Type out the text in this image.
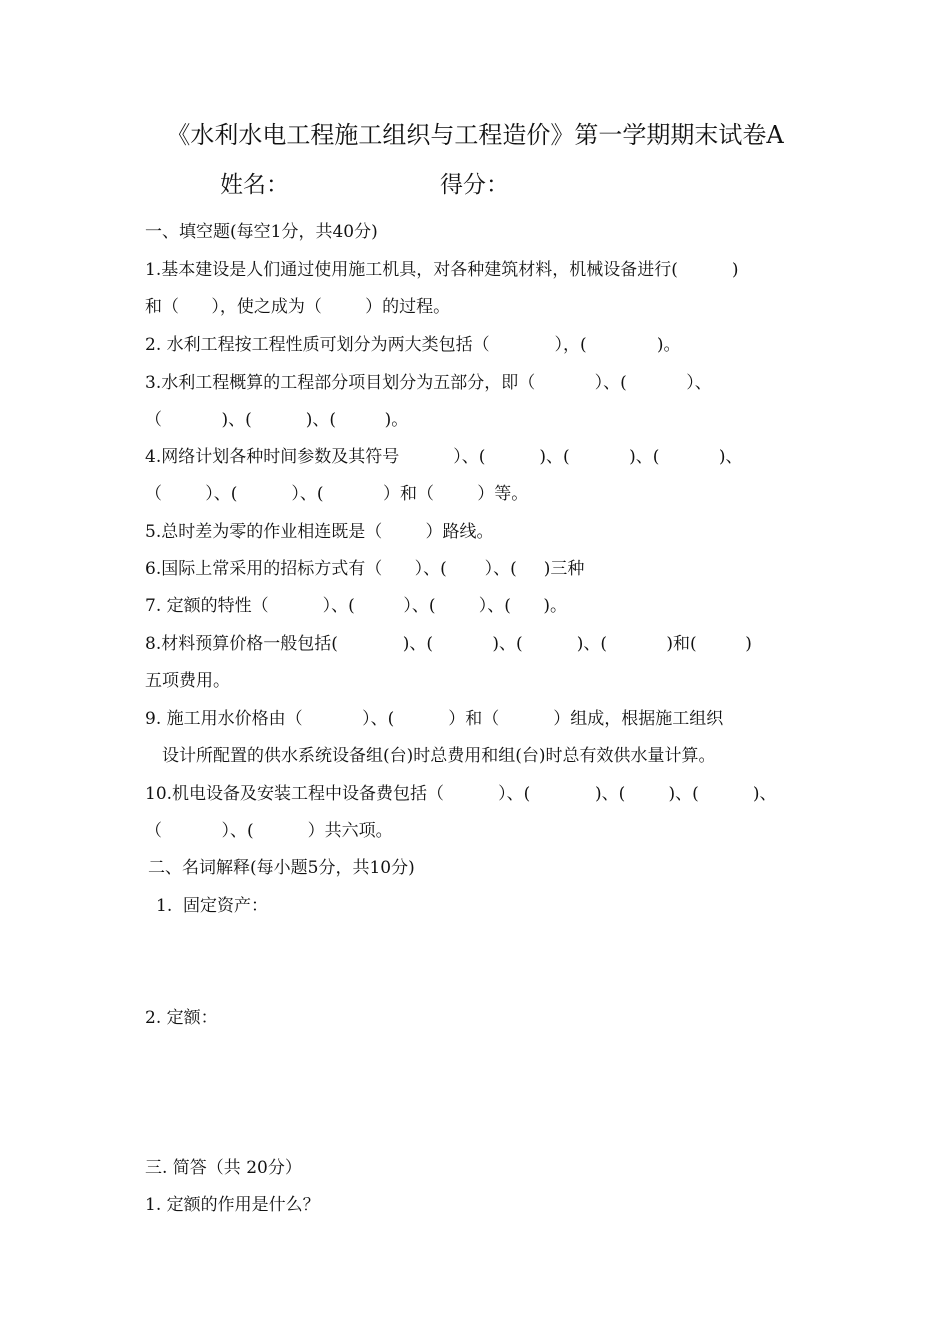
《水利水电工程施工组织与工程造价》第一学期期末试卷A
姓名：	得分：
一、填空题(每空1分，共40分)
1.基本建设是人们通过使用施工机具，对各种建筑材料，机械设备进行(          )
和（      ），使之成为（        ）的过程。
2. 水利工程按工程性质可划分为两大类包括（            ），(             )。
3.水利工程概算的工程部分项目划分为五部分，即（           ）、(           ）、
（           )、(          )、(         )。
4.网络计划各种时间参数及其符号          ）、(          )、(           )、(           )、
（        ）、(          ）、(           ）和（        ）等。
5.总时差为零的作业相连既是（        ）路线。
6.国际上常采用的招标方式有（      ）、(       ）、(     )三种
7. 定额的特性（          ）、(         ）、(        ）、(      )。
8.材料预算价格一般包括(            )、(           )、(          )、(           )和(         )
五项费用。
9. 施工用水价格由（           ）、(          ）和（          ）组成，根据施工组织
设计所配置的供水系统设备组(台)时总费用和组(台)时总有效供水量计算。
10.机电设备及安装工程中设备费包括（          ）、(            )、(        )、(          )、
（           ）、(          ）共六项。
二、名词解释(每小题5分，共10分)
1.  固定资产：
2. 定额：
三. 简答（共 20分）
1. 定额的作用是什么？
